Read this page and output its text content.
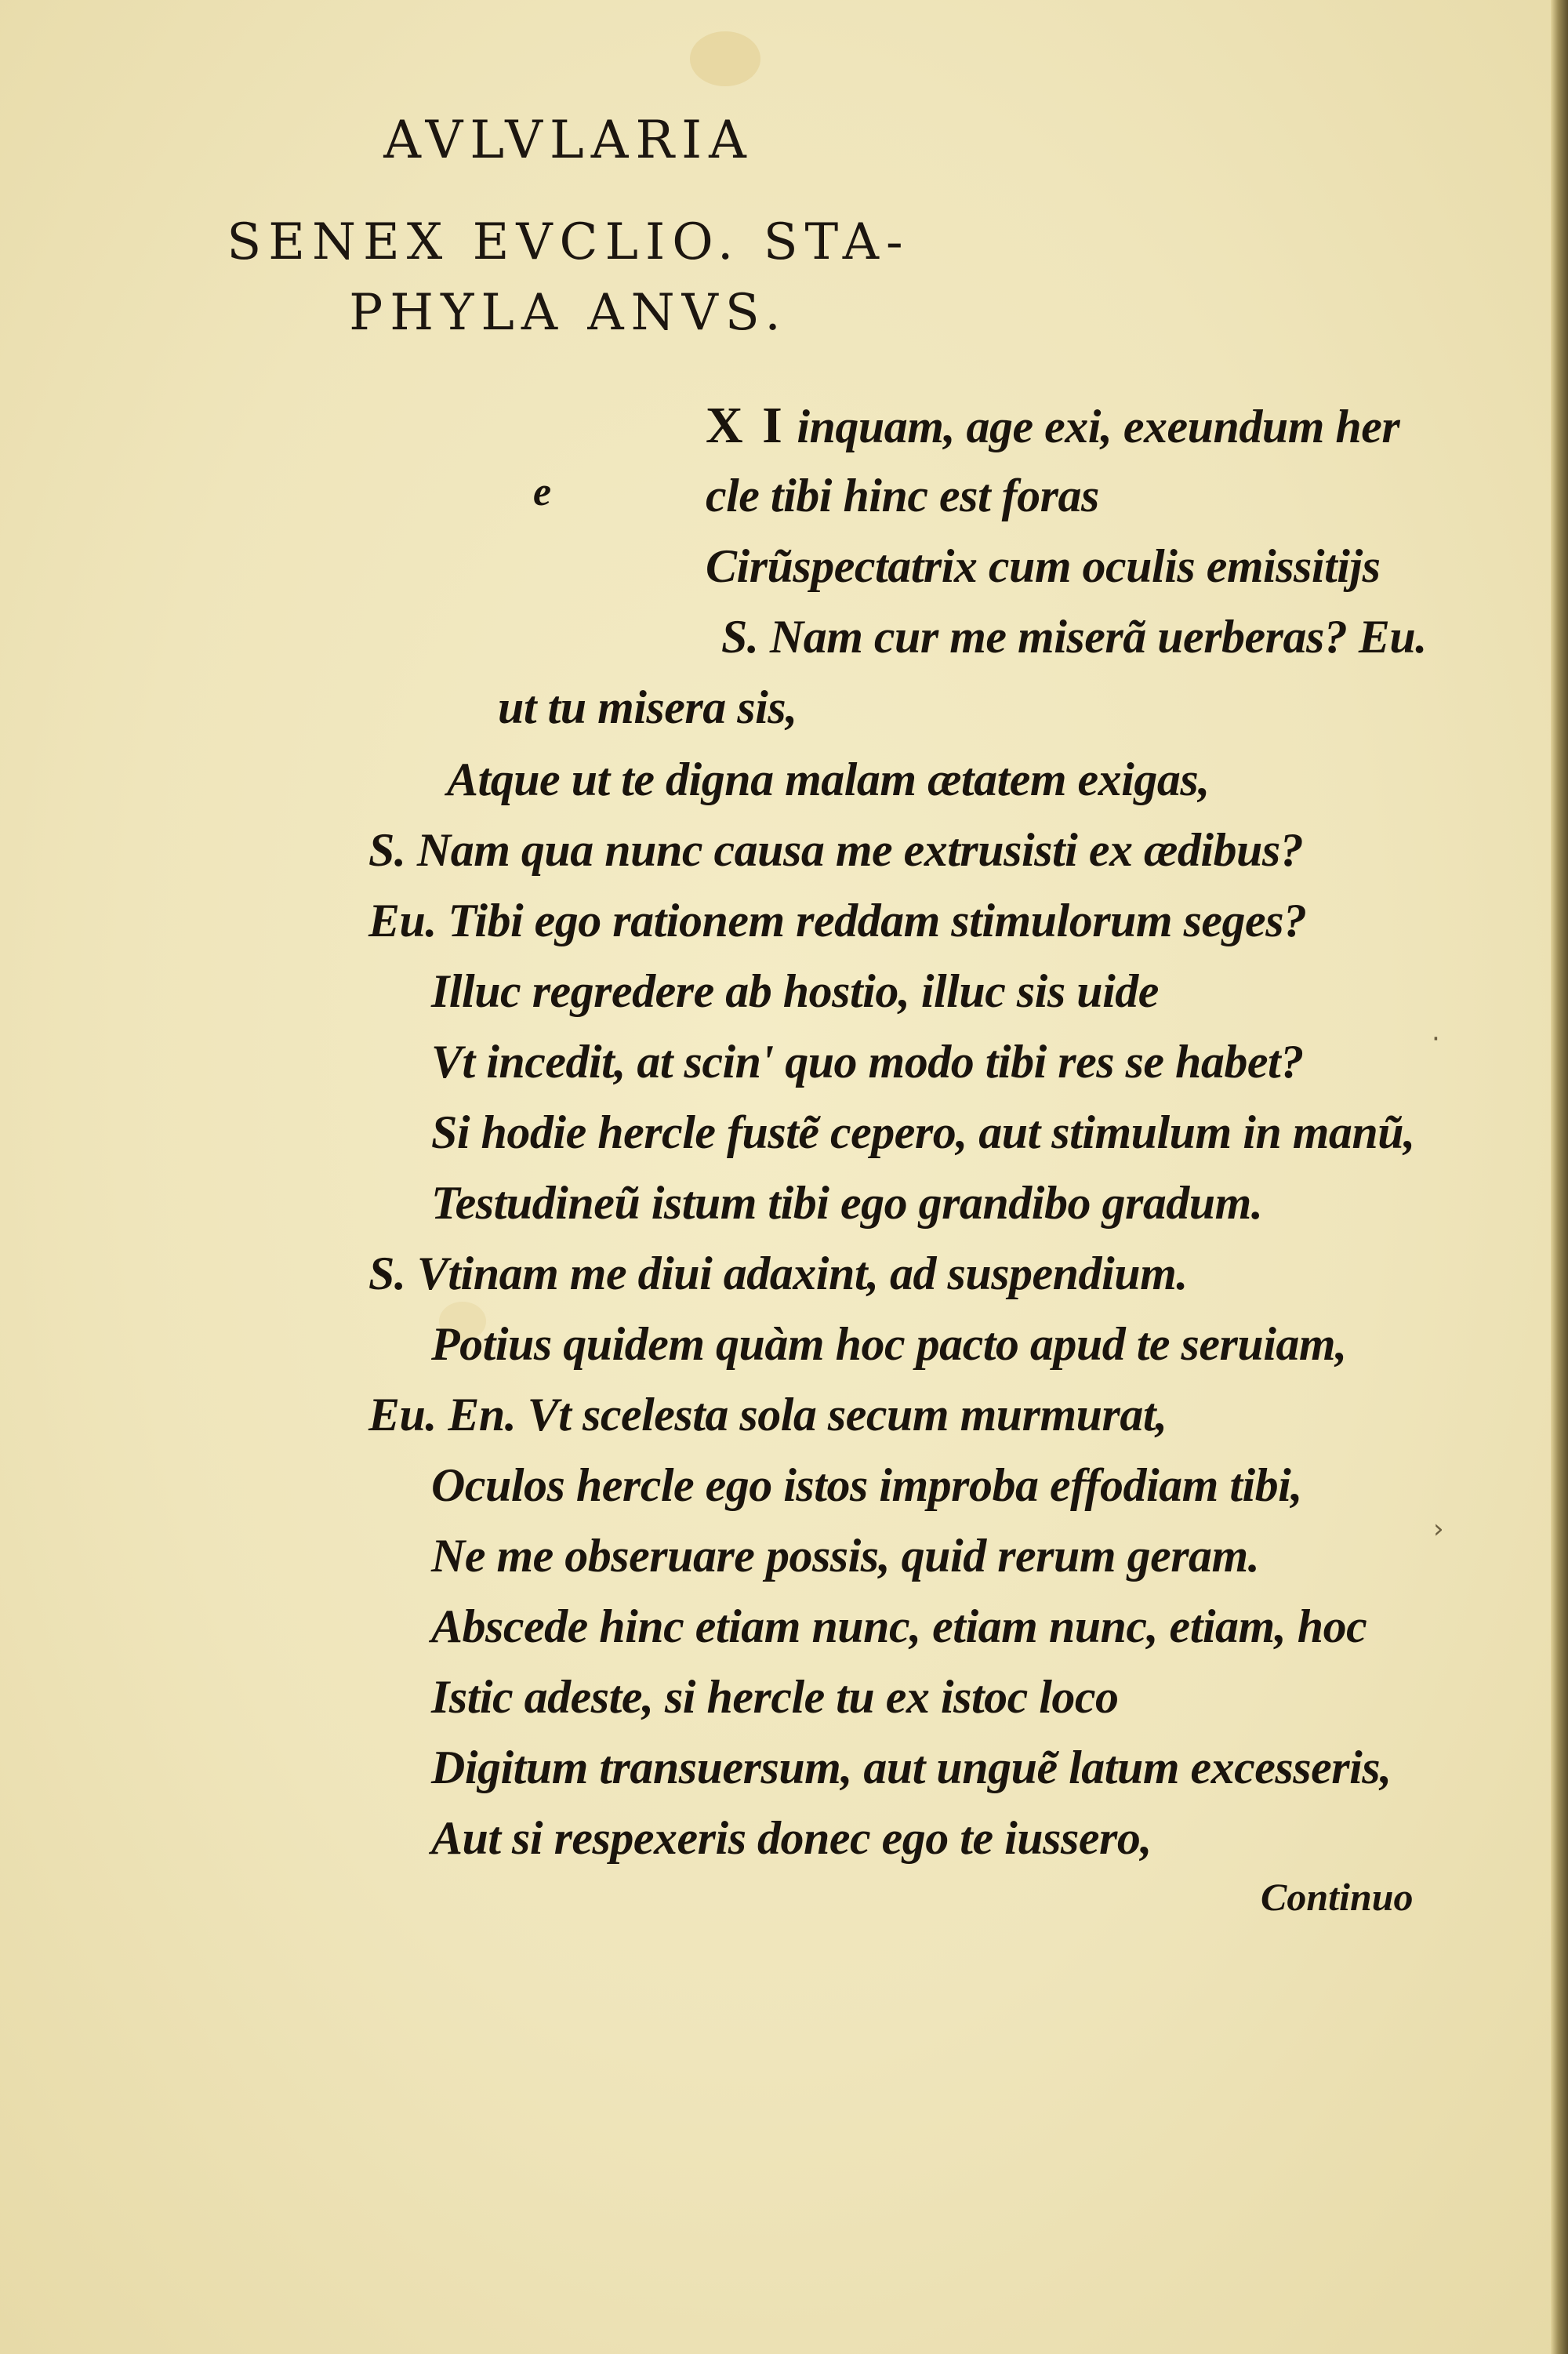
AVLVLARIA
SENEX EVCLIO. STA-
PHYLA ANVS.
e
X I inquam, age exi, exeundum her
cle tibi hinc est foras
Cirũspectatrix cum oculis emissitijs
S. Nam cur me miserã uerberas? Eu.
ut tu misera sis,
Atque ut te digna malam ætatem exigas,
S. Nam qua nunc causa me extrusisti ex ædibus?
Eu. Tibi ego rationem reddam stimulorum seges?
Illuc regredere ab hostio, illuc sis uide
Vt incedit, at scin' quo modo tibi res se habet?
Si hodie hercle fustẽ cepero, aut stimulum in manũ,
Testudineũ istum tibi ego grandibo gradum.
S. Vtinam me diui adaxint, ad suspendium.
Potius quidem quàm hoc pacto apud te seruiam,
Eu. En. Vt scelesta sola secum murmurat,
Oculos hercle ego istos improba effodiam tibi,
Ne me obseruare possis, quid rerum geram.
Abscede hinc etiam nunc, etiam nunc, etiam, hoc
Istic adeste, si hercle tu ex istoc loco
Digitum transuersum, aut unguẽ latum excesseris,
Aut si respexeris donec ego te iussero,
Continuo
›
·
